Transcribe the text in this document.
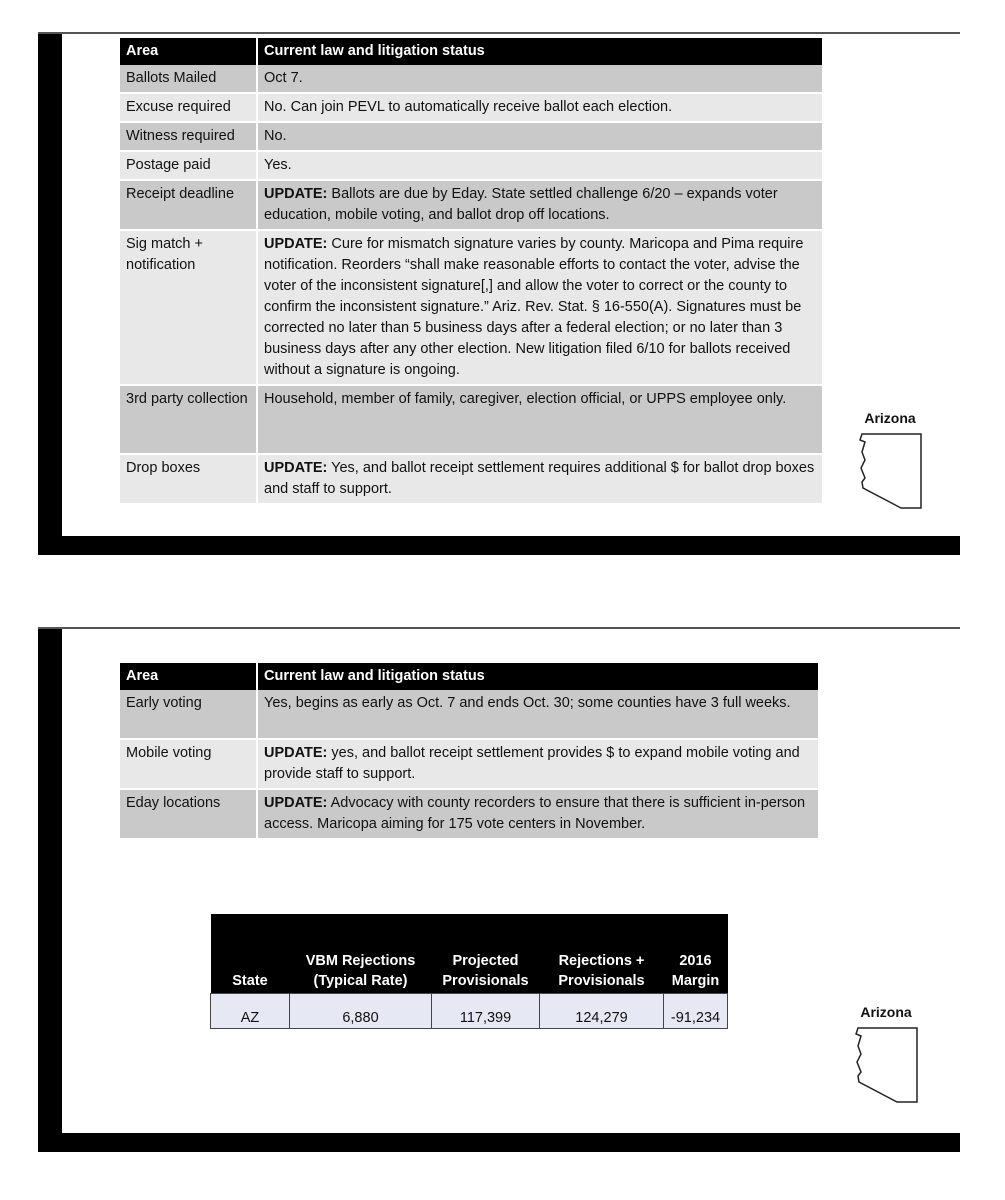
Area	Current law and litigation status
Ballots Mailed	Oct 7.
Excuse required	No. Can join PEVL to automatically receive ballot each election.
Witness required	No.
Postage paid	Yes.
Receipt deadline	UPDATE: Ballots are due by Eday. State settled challenge 6/20 – expands voter education, mobile voting, and ballot drop off locations.
Sig match + notification	UPDATE: Cure for mismatch signature varies by county. Maricopa and Pima require notification. Reorders “shall make reasonable efforts to contact the voter, advise the voter of the inconsistent signature[,] and allow the voter to correct or the county to confirm the inconsistent signature.” Ariz. Rev. Stat. § 16-550(A). Signatures must be corrected no later than 5 business days after a federal election; or no later than 3 business days after any other election. New litigation filed 6/10 for ballots received without a signature is ongoing.
3rd party collection	Household, member of family, caregiver, election official, or UPPS employee only.
Drop boxes	UPDATE: Yes, and ballot receipt settlement requires additional $ for ballot drop boxes and staff to support.
Arizona
Area	Current law and litigation status
Early voting	Yes, begins as early as Oct. 7 and ends Oct. 30; some counties have 3 full weeks.
Mobile voting	UPDATE: yes, and ballot receipt settlement provides $ to expand mobile voting and provide staff to support.
Eday locations	UPDATE: Advocacy with county recorders to ensure that there is sufficient in-person access. Maricopa aiming for 175 vote centers in November.
State	VBM Rejections (Typical Rate)	Projected Provisionals	Rejections + Provisionals	2016 Margin
AZ	6,880	117,399	124,279	-91,234	Arizona
